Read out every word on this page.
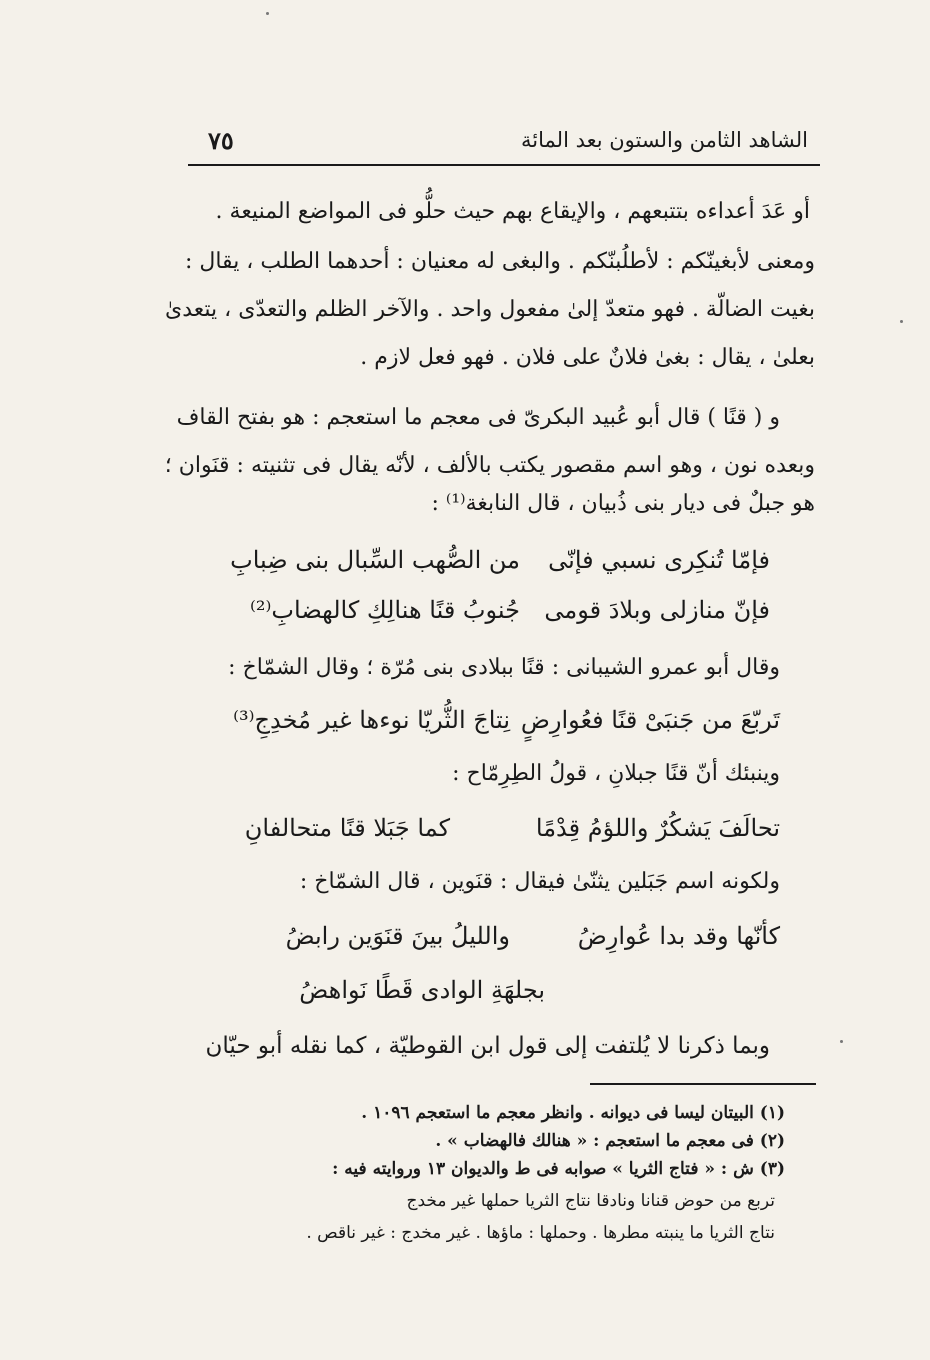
الشاهد الثامن والستون بعد المائة
٧٥
أو عَدَ أعداءه بتتبعهم ، والإيقاع بهم حيث حلُّو فى المواضع المنيعة .
ومعنى لأبغينّكم : لأطلُبنّكم . والبغى له معنيان : أحدهما الطلب ، يقال :
بغيت الضالّة . فهو متعدّ إلىٰ مفعول واحد . والآخر الظلم والتعدّى ، يتعدىٰ
بعلىٰ ، يقال : بغىٰ فلانٌ على فلان . فهو فعل لازم .
و ( قنًا ) قال أبو عُبيد البكرىّ فى معجم ما استعجم : هو بفتح القاف
وبعده نون ، وهو اسم مقصور يكتب بالألف ، لأنّه يقال فى تثنيته : قنَوان ؛
هو جبلٌ فى ديار بنى ذُبيان ، قال النابغة⁽¹⁾ :
فإمّا تُنكِرى نسبي فإنّى
من الصُّهب السِّبال بنى ضِبابِ
فإنّ منازلى وبلادَ قومى
جُنوبُ قنًا هنالِكِ كالهضابِ⁽²⁾
وقال أبو عمرو الشيبانى : قنًا ببلادى بنى مُرّة ؛ وقال الشمّاخ :
تَربّعَ من جَنبَىْ قنًا فعُوارِضٍ
نِتاجَ الثُّريّا نوءها غير مُخدِجِ⁽³⁾
وينبئك أنّ قنًا جبلانِ ، قولُ الطِرِمّاح :
تحالَفَ يَشكُرٌ واللؤمُ قِدْمًا
كما جَبَلا قنًا متحالفانِ
ولكونه اسم جَبَلين يثنّىٰ فيقال : قنَوين ، قال الشمّاخ :
كأنّها وقد بدا عُوارِضُ
والليلُ بينَ قنَوَين رابضُ
بجلهَةِ الوادى قَطًا نَواهضُ
وبما ذكرنا لا يُلتفت إلى قول ابن القوطيّة ، كما نقله أبو حيّان
(١) البيتان ليسا فى ديوانه . وانظر معجم ما استعجم ١٠٩٦ .
(٢) فى معجم ما استعجم : « هنالك فالهضاب » .
(٣) ش : « فتاج الثريا » صوابه فى ط والديوان ١٣ وروايته فيه :
تربع من حوض قنانا ونادقا نتاج الثريا حملها غير مخدج
نتاج الثريا ما ينبته مطرها . وحملها : ماؤها . غير مخدج : غير ناقص .
